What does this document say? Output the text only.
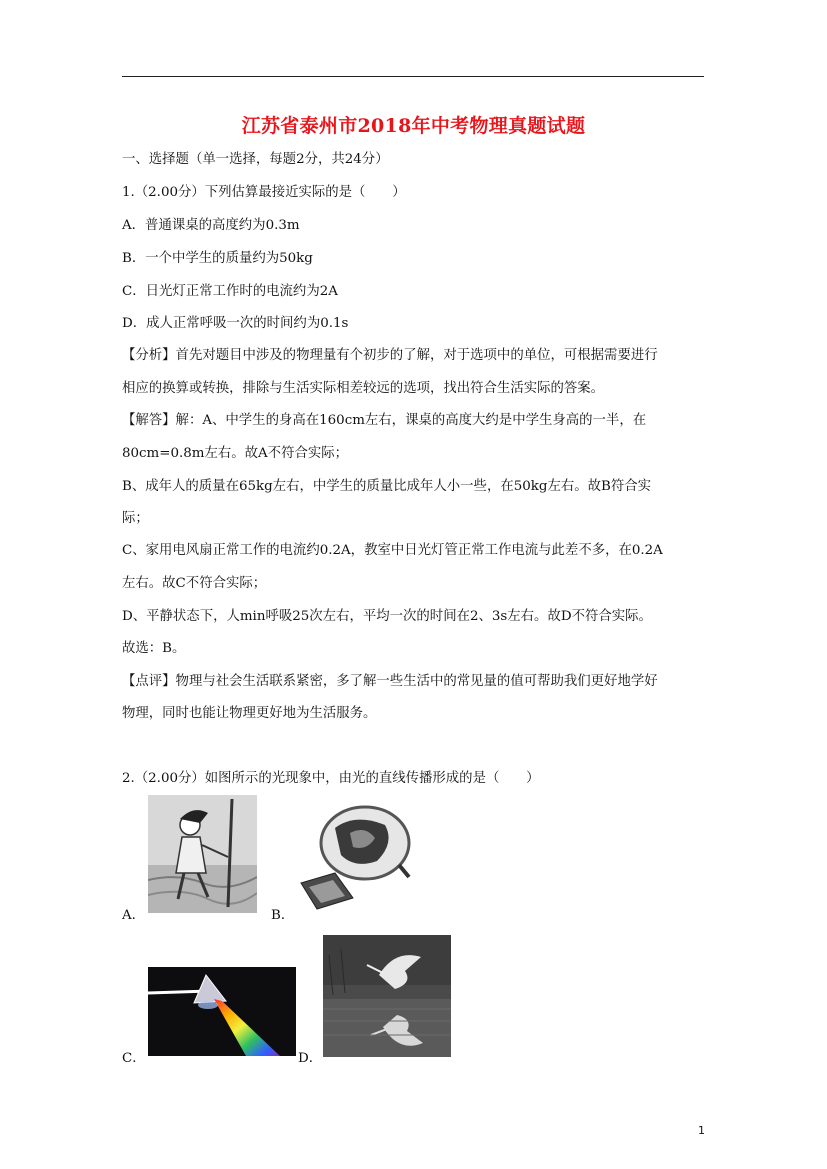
江苏省泰州市2018年中考物理真题试题
一、选择题（单一选择，每题2分，共24分）
1.（2.00分）下列估算最接近实际的是（　　）
A．普通课桌的高度约为0.3m
B．一个中学生的质量约为50kg
C．日光灯正常工作时的电流约为2A
D．成人正常呼吸一次的时间约为0.1s
【分析】首先对题目中涉及的物理量有个初步的了解，对于选项中的单位，可根据需要进行
相应的换算或转换，排除与生活实际相差较远的选项，找出符合生活实际的答案。
【解答】解：A、中学生的身高在160cm左右，课桌的高度大约是中学生身高的一半，在
80cm=0.8m左右。故A不符合实际；
B、成年人的质量在65kg左右，中学生的质量比成年人小一些，在50kg左右。故B符合实
际；
C、家用电风扇正常工作的电流约0.2A，教室中日光灯管正常工作电流与此差不多，在0.2A
左右。故C不符合实际；
D、平静状态下，人min呼吸25次左右，平均一次的时间在2、3s左右。故D不符合实际。
故选：B。
【点评】物理与社会生活联系紧密，多了解一些生活中的常见量的值可帮助我们更好地学好
物理，同时也能让物理更好地为生活服务。
2.（2.00分）如图所示的光现象中，由光的直线传播形成的是（　　）
A．	B．
C．	D．
1
